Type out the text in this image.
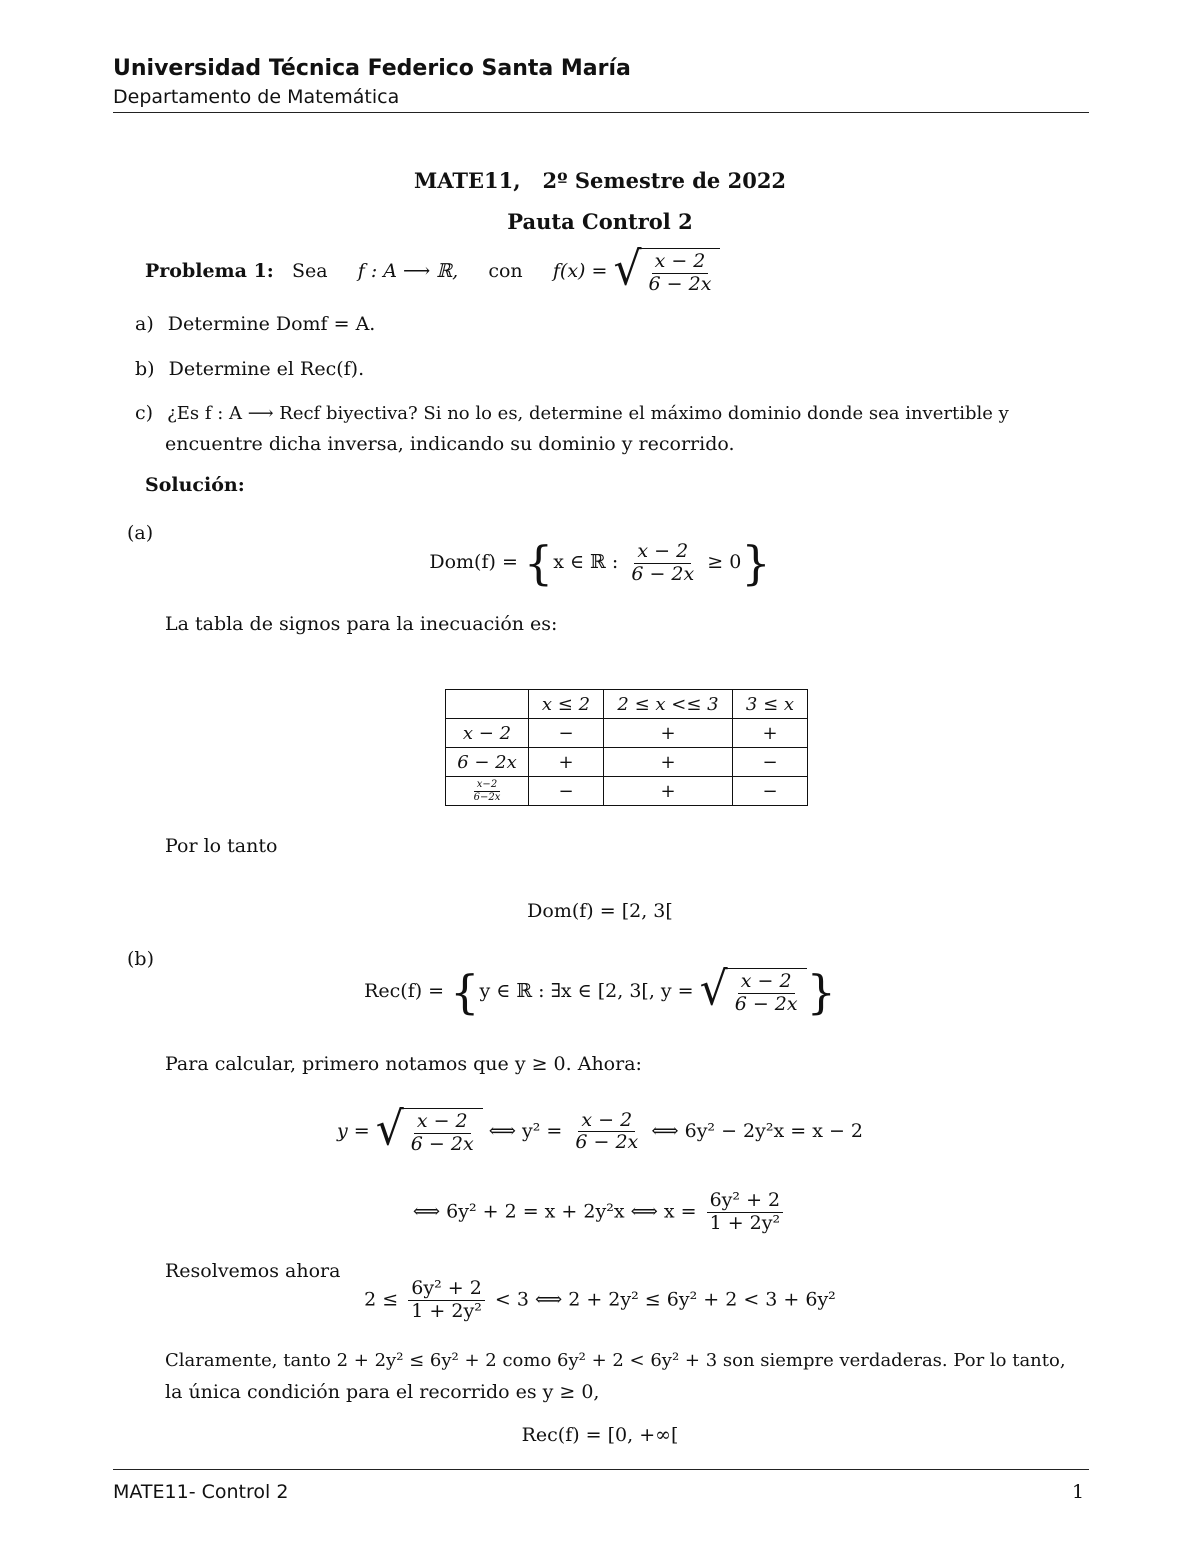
Universidad Técnica Federico Santa María
Departamento de Matemática
MATE11, 2º Semestre de 2022
Pauta Control 2
Problema 1: Sea f : A ⟶ ℝ, con f(x) = √ $\frac{x - 2}{6 - 2x}$
a) Determine Domf = A.
b) Determine el Rec(f).
c) ¿Es f : A ⟶ Recf biyectiva? Si no lo es, determine el máximo dominio donde sea invertible y
encuentre dicha inversa, indicando su dominio y recorrido.
Solución:
(a)
Dom(f) = {x ∈ ℝ : $\frac{x - 2}{6 - 2x} \ge 0$}
La tabla de signos para la inecuación es:
	x ≤ 2	2 ≤ x <≤ 3	3 ≤ x
x − 2	−	+	+
6 − 2x	+	+	−

$\frac{x-2}{6-2x}$	−	+	−
Por lo tanto
Dom(f) = [2, 3[
(b)
Rec(f) = {y ∈ ℝ : ∃x ∈ [2, 3[, y = √ $\frac{x - 2}{6 - 2x}$ }
Para calcular, primero notamos que y ≥ 0. Ahora:
y = √ $\frac{x - 2}{6 - 2x}$ ⟺ $y^2 = \frac{x - 2}{6 - 2x}$ ⟺ 6y² − 2y²x = x − 2
⟺ 6y² + 2 = x + 2y²x ⟺ $x = \frac{\text{6y² + 2}}{\text{1 + 2y²}}$
Resolvemos ahora
$2 \le \frac{\text{6y² + 2}}{\text{1 + 2y²}} < 3$ ⟺ 2 + 2y² ≤ 6y² + 2 < 3 + 6y²
Claramente, tanto 2 + 2y² ≤ 6y² + 2 como 6y² + 2 < 6y² + 3 son siempre verdaderas. Por lo tanto,
la única condición para el recorrido es y ≥ 0,
Rec(f) = [0, +∞[
MATE11- Control 2	1
